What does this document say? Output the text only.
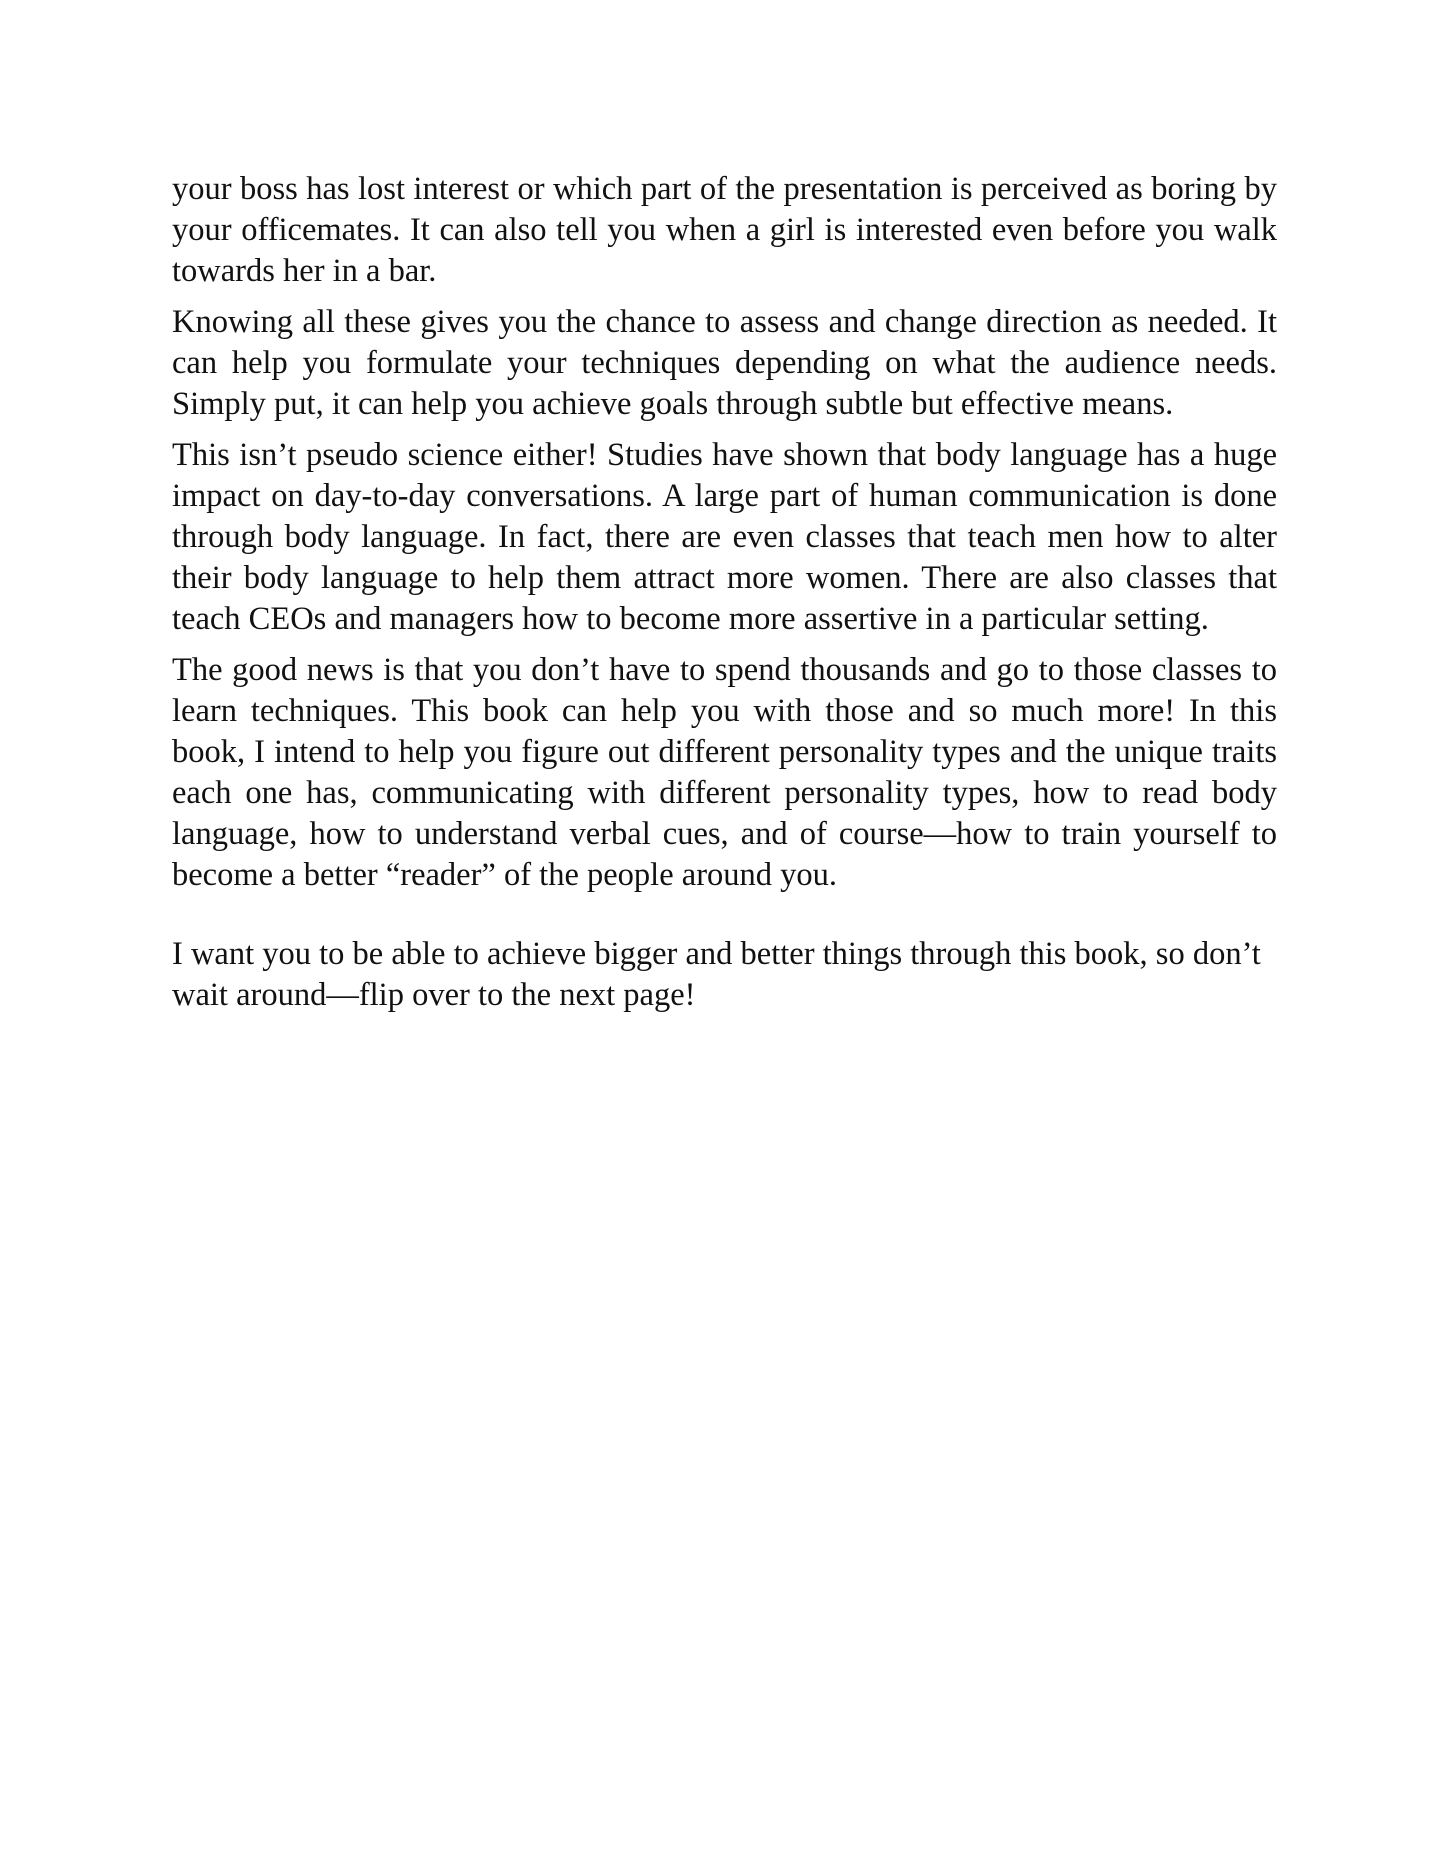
your boss has lost interest or which part of the presentation is perceived as boring by your officemates. It can also tell you when a girl is interested even before you walk towards her in a bar.

Knowing all these gives you the chance to assess and change direction as needed. It can help you formulate your techniques depending on what the audience needs. Simply put, it can help you achieve goals through subtle but effective means.

This isn’t pseudo science either! Studies have shown that body language has a huge impact on day-to-day conversations. A large part of human communication is done through body language. In fact, there are even classes that teach men how to alter their body language to help them attract more women. There are also classes that teach CEOs and managers how to become more assertive in a particular setting.

The good news is that you don’t have to spend thousands and go to those classes to learn techniques. This book can help you with those and so much more! In this book, I intend to help you figure out different personality types and the unique traits each one has, communicating with different personality types, how to read body language, how to understand verbal cues, and of course—how to train yourself to become a better “reader” of the people around you.

I want you to be able to achieve bigger and better things through this book, so don’t wait around—flip over to the next page!
